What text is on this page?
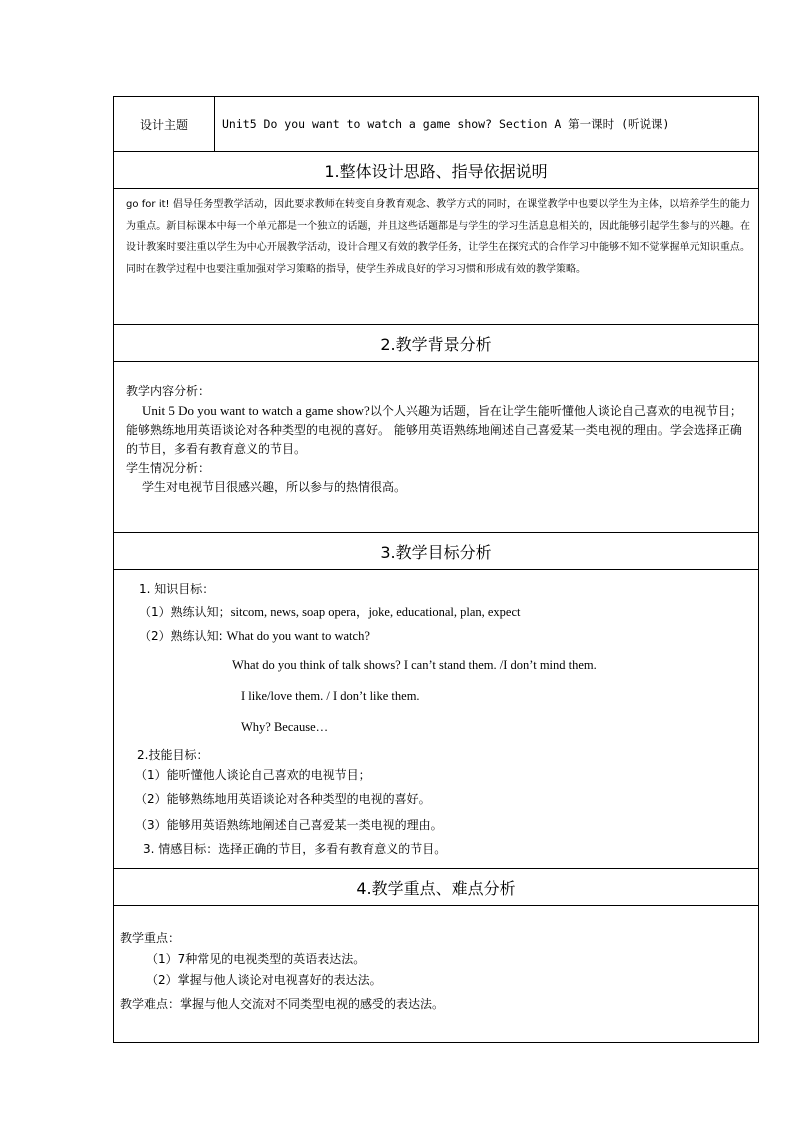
设计主题	Unit5 Do you want to watch a game show? Section A 第一课时 (听说课)
1.整体设计思路、指导依据说明

go for it! 倡导任务型教学活动，因此要求教师在转变自身教育观念、教学方式的同时，在课堂教学中也要以学生为主体，以培养学生的能力为重点。新目标课本中每一个单元都是一个独立的话题，并且这些话题都是与学生的学习生活息息相关的，因此能够引起学生参与的兴趣。在设计教案时要注重以学生为中心开展教学活动，设计合理又有效的教学任务，让学生在探究式的合作学习中能够不知不觉掌握单元知识重点。同时在教学过程中也要注重加强对学习策略的指导，使学生养成良好的学习习惯和形成有效的教学策略。

2.教学背景分析

教学内容分析：

Unit 5 Do you want to watch a game show?以个人兴趣为话题，旨在让学生能听懂他人谈论自己喜欢的电视节目；能够熟练地用英语谈论对各种类型的电视的喜好。 能够用英语熟练地阐述自己喜爱某一类电视的理由。学会选择正确的节目，多看有教育意义的节目。

学生情况分析：

学生对电视节目很感兴趣，所以参与的热情很高。

3.教学目标分析

1. 知识目标：

（1）熟练认知；sitcom, news, soap opera，joke, educational, plan, expect

（2）熟练认知: What do you want to watch?

What do you think of talk shows? I can’t stand them. /I don’t mind them.

I like/love them. / I don’t like them.

Why? Because…

2.技能目标：

（1）能听懂他人谈论自己喜欢的电视节目；

（2）能够熟练地用英语谈论对各种类型的电视的喜好。

（3）能够用英语熟练地阐述自己喜爱某一类电视的理由。

3. 情感目标：选择正确的节目，多看有教育意义的节目。

4.教学重点、难点分析

教学重点：

（1）7种常见的电视类型的英语表达法。

（2）掌握与他人谈论对电视喜好的表达法。

教学难点：掌握与他人交流对不同类型电视的感受的表达法。
